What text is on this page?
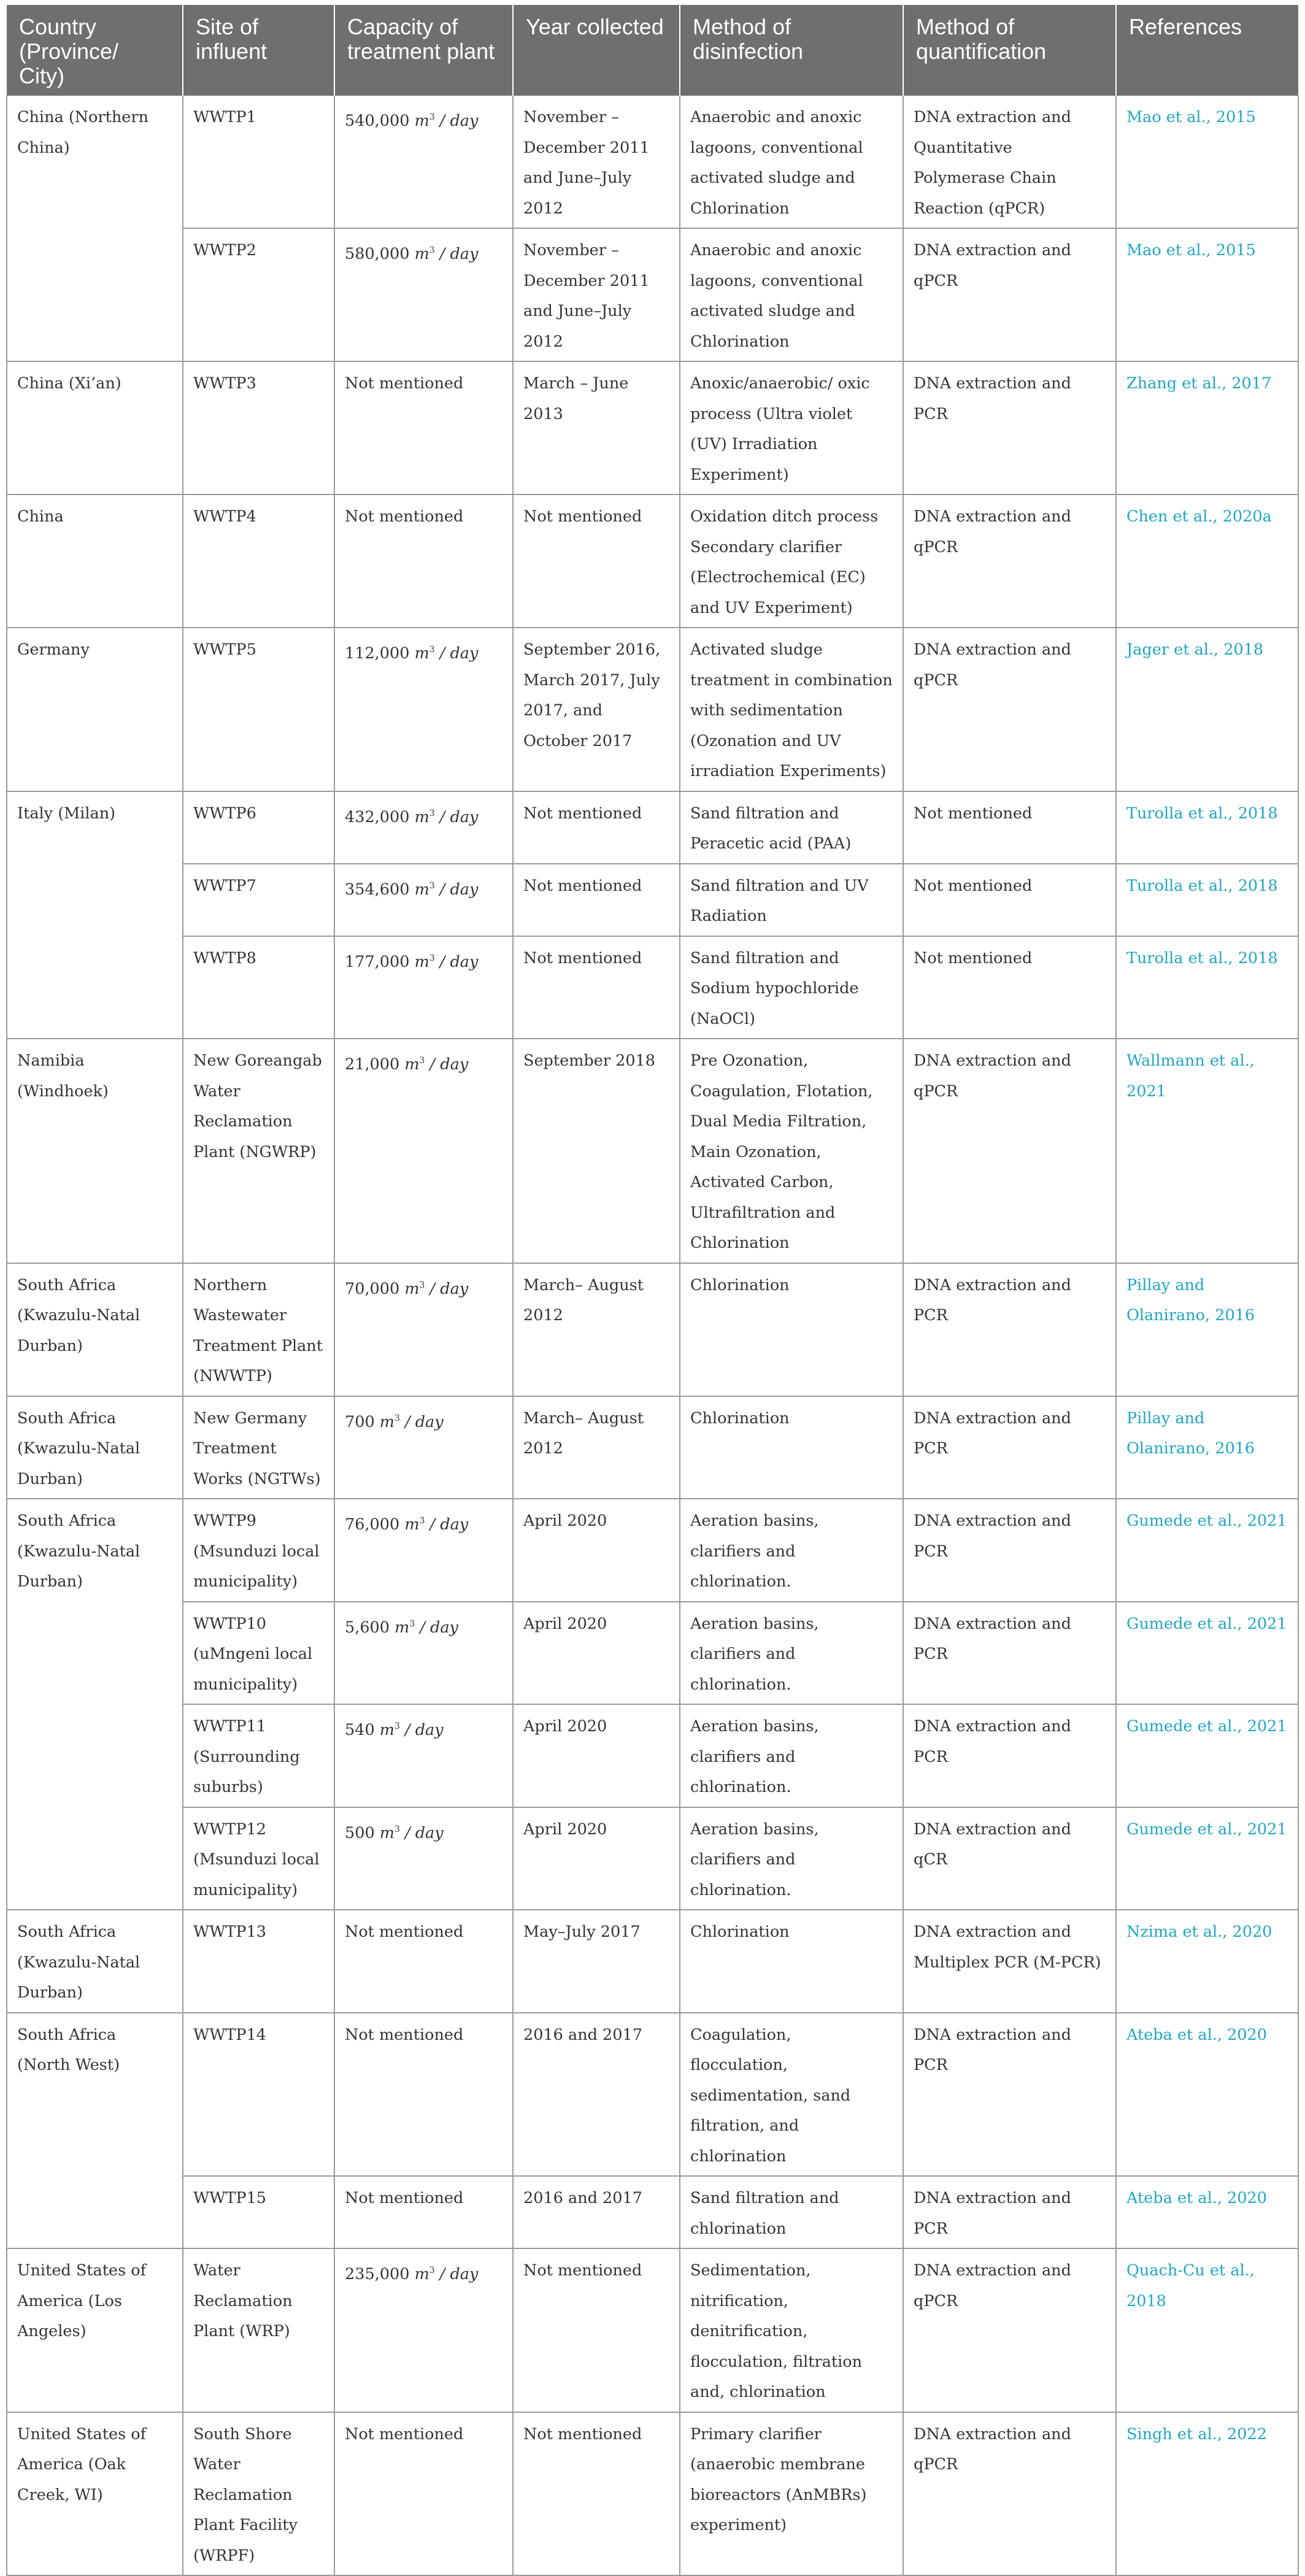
Country (Province/ City)	Site of influent	Capacity of treatment plant	Year collected	Method of disinfection	Method of quantification	References
China (Northern China)	WWTP1	540,000 $m^3$ / day	November – December 2011 and June–July 2012	Anaerobic and anoxic lagoons, conventional activated sludge and Chlorination	DNA extraction and Quantitative Polymerase Chain Reaction (qPCR)	Mao et al., 2015
	WWTP2	580,000 $m^3$ / day	November – December 2011 and June–July 2012	Anaerobic and anoxic lagoons, conventional activated sludge and Chlorination	DNA extraction and qPCR	Mao et al., 2015
China (Xi’an)	WWTP3	Not mentioned	March – June 2013	Anoxic/anaerobic/ oxic process (Ultra violet (UV) Irradiation Experiment)	DNA extraction and PCR	Zhang et al., 2017
China	WWTP4	Not mentioned	Not mentioned	Oxidation ditch process Secondary clarifier (Electrochemical (EC) and UV Experiment)	DNA extraction and qPCR	Chen et al., 2020a
Germany	WWTP5	112,000 $m^3$ / day	September 2016, March 2017, July 2017, and October 2017	Activated sludge treatment in combination with sedimentation (Ozonation and UV irradiation Experiments)	DNA extraction and qPCR	Jager et al., 2018
Italy (Milan)	WWTP6	432,000 $m^3$ / day	Not mentioned	Sand filtration and Peracetic acid (PAA)	Not mentioned	Turolla et al., 2018
	WWTP7	354,600 $m^3$ / day	Not mentioned	Sand filtration and UV Radiation	Not mentioned	Turolla et al., 2018
	WWTP8	177,000 $m^3$ / day	Not mentioned	Sand filtration and Sodium hypochloride (NaOCl)	Not mentioned	Turolla et al., 2018
Namibia (Windhoek)	New Goreangab Water Reclamation Plant (NGWRP)	21,000 $m^3$ / day	September 2018	Pre Ozonation, Coagulation, Flotation, Dual Media Filtration, Main Ozonation, Activated Carbon, Ultrafiltration and Chlorination	DNA extraction and qPCR	Wallmann et al., 2021
South Africa (Kwazulu-Natal Durban)	Northern Wastewater Treatment Plant (NWWTP)	70,000 $m^3$ / day	March– August 2012	Chlorination	DNA extraction and PCR	Pillay and Olanirano, 2016
South Africa (Kwazulu-Natal Durban)	New Germany Treatment Works (NGTWs)	700 $m^3$ / day	March– August 2012	Chlorination	DNA extraction and PCR	Pillay and Olanirano, 2016
South Africa (Kwazulu-Natal Durban)	WWTP9 (Msunduzi local municipality)	76,000 $m^3$ / day	April 2020	Aeration basins, clarifiers and chlorination.	DNA extraction and PCR	Gumede et al., 2021
	WWTP10 (uMngeni local municipality)	5,600 $m^3$ / day	April 2020	Aeration basins, clarifiers and chlorination.	DNA extraction and PCR	Gumede et al., 2021
	WWTP11 (Surrounding suburbs)	540 $m^3$ / day	April 2020	Aeration basins, clarifiers and chlorination.	DNA extraction and PCR	Gumede et al., 2021
	WWTP12 (Msunduzi local municipality)	500 $m^3$ / day	April 2020	Aeration basins, clarifiers and chlorination.	DNA extraction and qCR	Gumede et al., 2021
South Africa (Kwazulu-Natal Durban)	WWTP13	Not mentioned	May–July 2017	Chlorination	DNA extraction and Multiplex PCR (M-PCR)	Nzima et al., 2020
South Africa (North West)	WWTP14	Not mentioned	2016 and 2017	Coagulation, flocculation, sedimentation, sand filtration, and chlorination	DNA extraction and PCR	Ateba et al., 2020
	WWTP15	Not mentioned	2016 and 2017	Sand filtration and chlorination	DNA extraction and PCR	Ateba et al., 2020
United States of America (Los Angeles)	Water Reclamation Plant (WRP)	235,000 $m^3$ / day	Not mentioned	Sedimentation, nitrification, denitrification, flocculation, filtration and, chlorination	DNA extraction and qPCR	Quach-Cu et al., 2018
United States of America (Oak Creek, WI)	South Shore Water Reclamation Plant Facility (WRPF)	Not mentioned	Not mentioned	Primary clarifier (anaerobic membrane bioreactors (AnMBRs) experiment)	DNA extraction and qPCR	Singh et al., 2022
